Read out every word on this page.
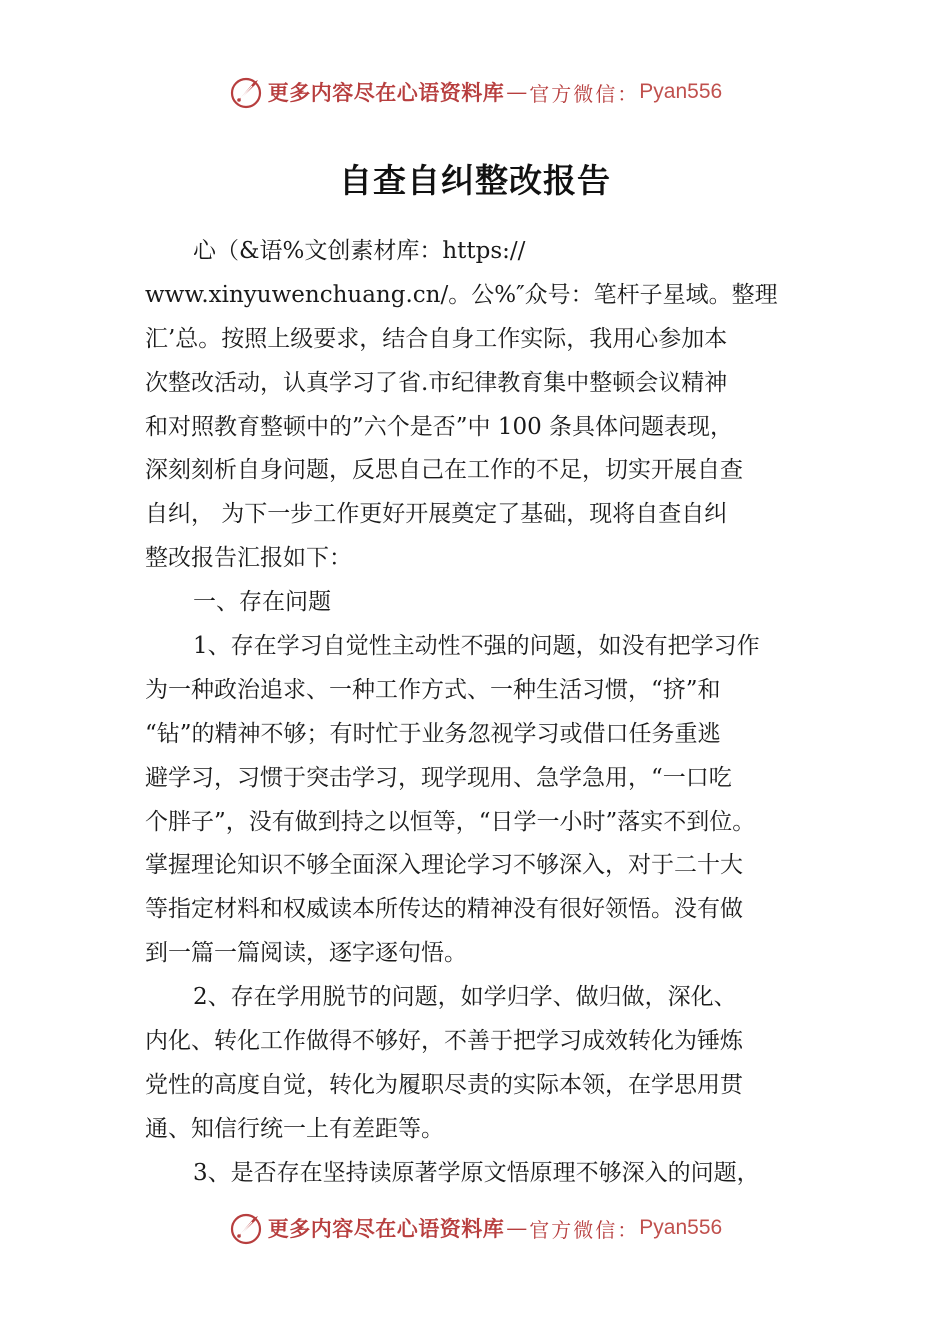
更多内容尽在心语资料库 — 官方微信： Pyan556
自查自纠整改报告
心（&语%文创素材库：https://
www.xinyuwenchuang.cn/。公%″众号：笔杆子星域。整理
汇’总。按照上级要求，结合自身工作实际，我用心参加本
次整改活动，认真学习了省.市纪律教育集中整顿会议精神
和对照教育整顿中的”六个是否”中 100 条具体问题表现，
深刻刻析自身问题，反思自己在工作的不足，切实开展自查
自纠， 为下一步工作更好开展奠定了基础，现将自查自纠
整改报告汇报如下：
一、存在问题
1、存在学习自觉性主动性不强的问题，如没有把学习作
为一种政治追求、一种工作方式、一种生活习惯，“挤”和
“钻”的精神不够；有时忙于业务忽视学习或借口任务重逃
避学习，习惯于突击学习，现学现用、急学急用，“一口吃
个胖子”，没有做到持之以恒等，“日学一小时”落实不到位。
掌握理论知识不够全面深入理论学习不够深入，对于二十大
等指定材料和权威读本所传达的精神没有很好领悟。没有做
到一篇一篇阅读，逐字逐句悟。
2、存在学用脱节的问题，如学归学、做归做，深化、
内化、转化工作做得不够好，不善于把学习成效转化为锤炼
党性的高度自觉，转化为履职尽责的实际本领，在学思用贯
通、知信行统一上有差距等。
3、是否存在坚持读原著学原文悟原理不够深入的问题，
更多内容尽在心语资料库 — 官方微信： Pyan556
